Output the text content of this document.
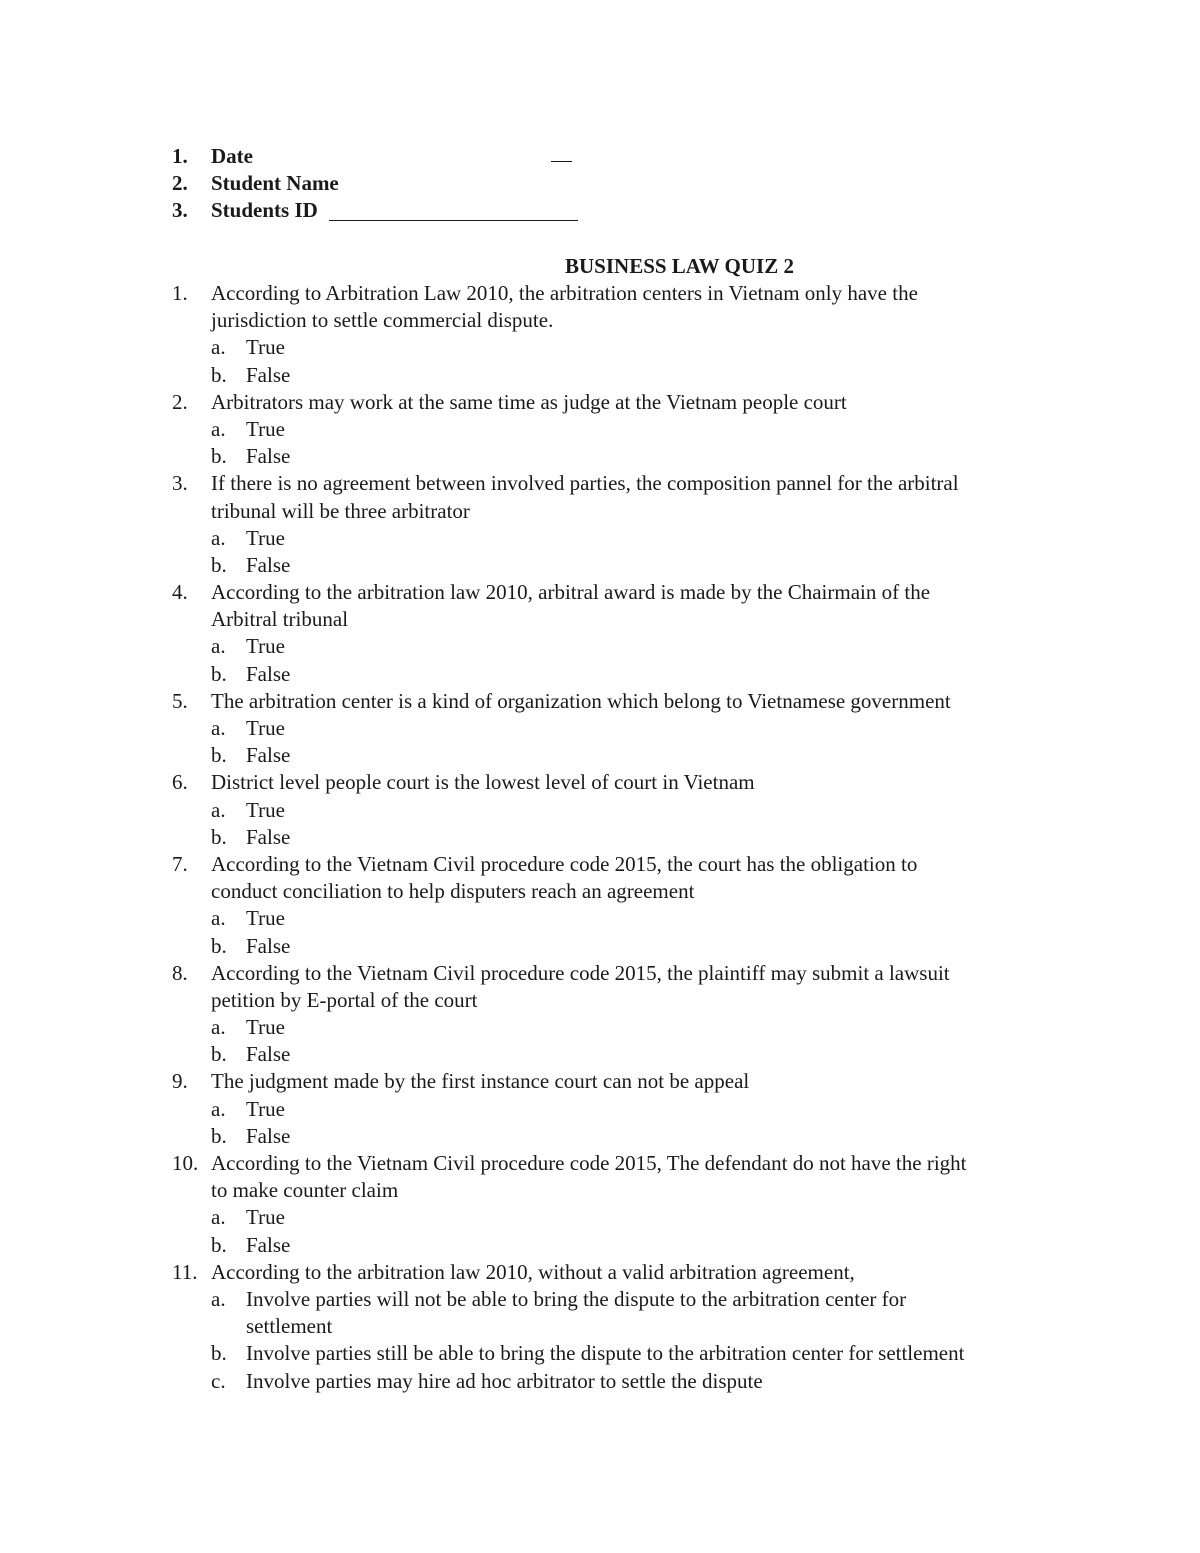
1.	Date
2.	Student Name
3.	Students ID
BUSINESS LAW QUIZ 2
1.	According to Arbitration Law 2010, the arbitration centers in Vietnam only have the
jurisdiction to settle commercial dispute.
a. True
b. False
2.	Arbitrators may work at the same time as judge at the Vietnam people court
a. True
b. False
3.	If there is no agreement between involved parties, the composition pannel for the arbitral
tribunal will be three arbitrator
a. True
b. False
4.	According to the arbitration law 2010, arbitral award is made by the Chairmain of the
Arbitral tribunal
a. True
b. False
5.	The arbitration center is a kind of organization which belong to Vietnamese government
a. True
b. False
6.	District level people court is the lowest level of court in Vietnam
a. True
b. False
7.	According to the Vietnam Civil procedure code 2015, the court has the obligation to
conduct conciliation to help disputers reach an agreement
a. True
b. False
8.	According to the Vietnam Civil procedure code 2015, the plaintiff may submit a lawsuit
petition by E-portal of the court
a. True
b. False
9.	The judgment made by the first instance court can not be appeal
a. True
b. False
10. According to the Vietnam Civil procedure code 2015, The defendant do not have the right
to make counter claim
a. True
b. False
11. According to the arbitration law 2010, without a valid arbitration agreement,
a. Involve parties will not be able to bring the dispute to the arbitration center for
settlement
b. Involve parties still be able to bring the dispute to the arbitration center for settlement
c. Involve parties may hire ad hoc arbitrator to settle the dispute
